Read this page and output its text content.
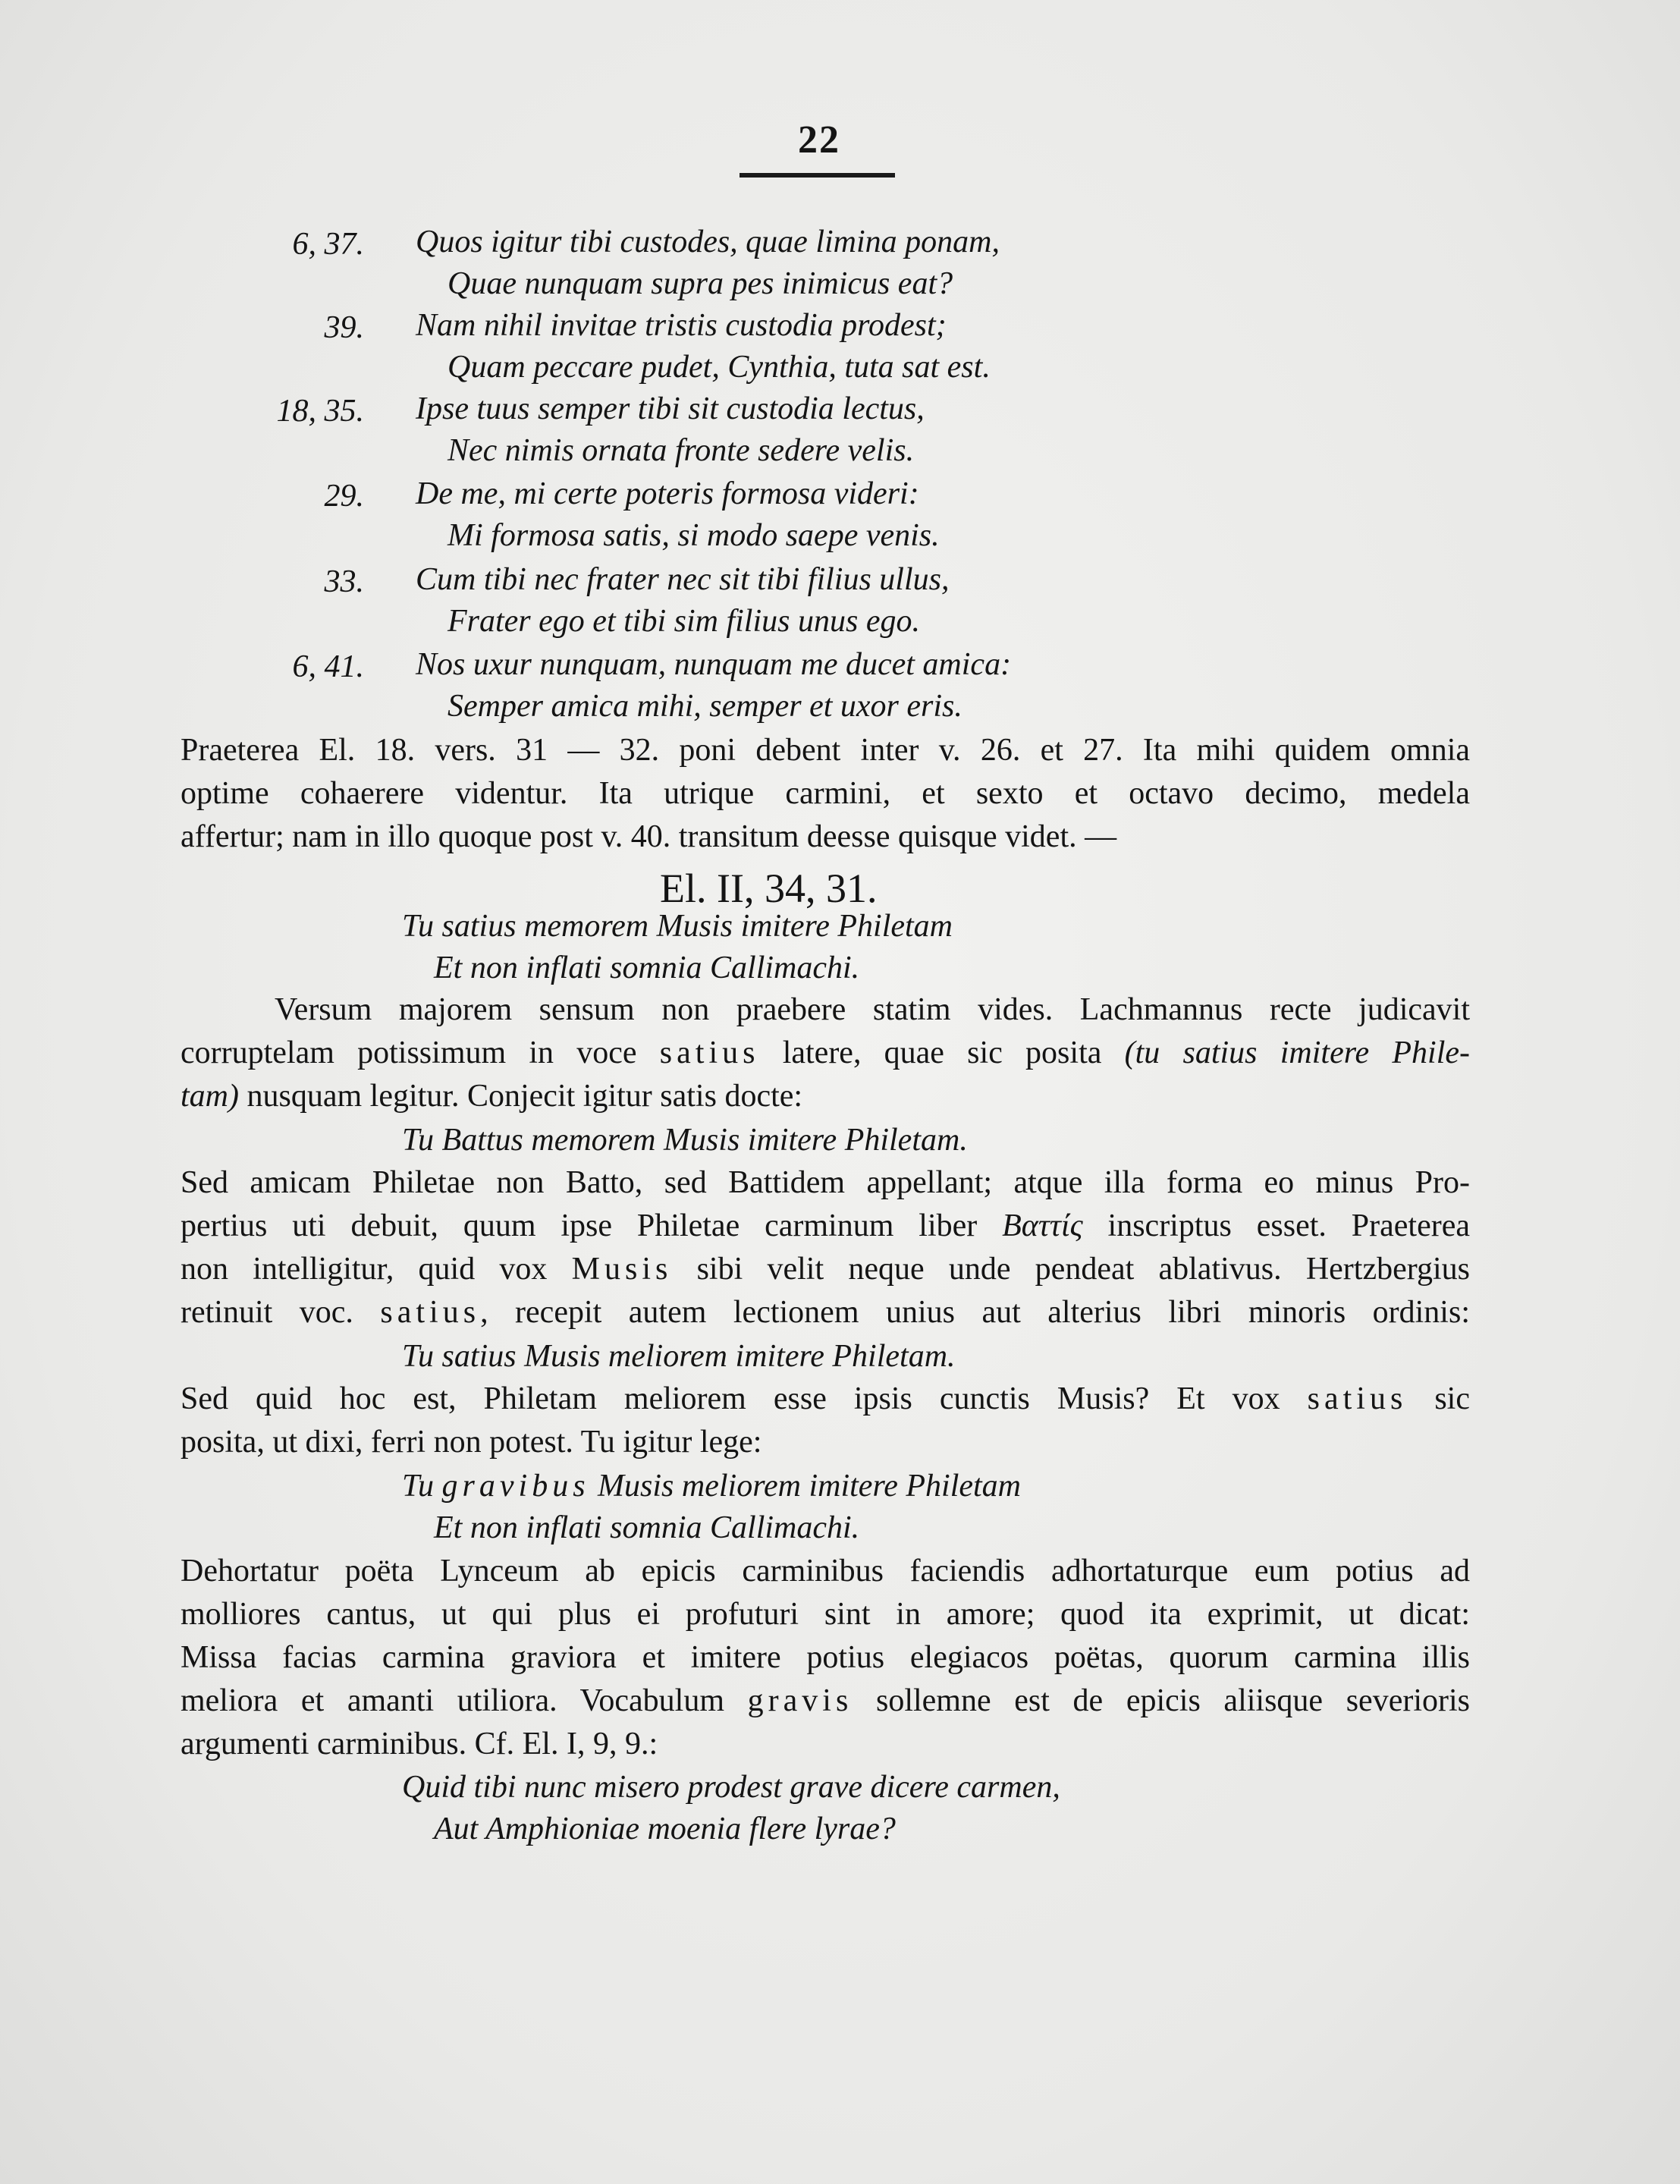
22
6, 37. Quos igitur tibi custodes, quae limina ponam,
Quae nunquam supra pes inimicus eat?
39. Nam nihil invitae tristis custodia prodest;
Quam peccare pudet, Cynthia, tuta sat est.
18, 35. Ipse tuus semper tibi sit custodia lectus,
Nec nimis ornata fronte sedere velis.
29. De me, mi certe poteris formosa videri:
Mi formosa satis, si modo saepe venis.
33. Cum tibi nec frater nec sit tibi filius ullus,
Frater ego et tibi sim filius unus ego.
6, 41. Nos uxur nunquam, nunquam me ducet amica:
Semper amica mihi, semper et uxor eris.
Praeterea El. 18. vers. 31 — 32. poni debent inter v. 26. et 27. Ita mihi quidem omnia
optime cohaerere videntur. Ita utrique carmini, et sexto et octavo decimo, medela
affertur; nam in illo quoque post v. 40. transitum deesse quisque videt. —
El. II, 34, 31.
Tu satius memorem Musis imitere Philetam
Et non inflati somnia Callimachi.
Versum majorem sensum non praebere statim vides. Lachmannus recte judicavit
corruptelam potissimum in voce satius latere, quae sic posita (tu satius imitere Phile-
tam) nusquam legitur. Conjecit igitur satis docte:
Tu Battus memorem Musis imitere Philetam.
Sed amicam Philetae non Batto, sed Battidem appellant; atque illa forma eo minus Pro-
pertius uti debuit, quum ipse Philetae carminum liber Βαττίς inscriptus esset. Praeterea
non intelligitur, quid vox Musis sibi velit neque unde pendeat ablativus. Hertzbergius
retinuit voc. satius, recepit autem lectionem unius aut alterius libri minoris ordinis:
Tu satius Musis meliorem imitere Philetam.
Sed quid hoc est, Philetam meliorem esse ipsis cunctis Musis? Et vox satius sic
posita, ut dixi, ferri non potest. Tu igitur lege:
Tu gravibus Musis meliorem imitere Philetam
Et non inflati somnia Callimachi.
Dehortatur poëta Lynceum ab epicis carminibus faciendis adhortaturque eum potius ad
molliores cantus, ut qui plus ei profuturi sint in amore; quod ita exprimit, ut dicat:
Missa facias carmina graviora et imitere potius elegiacos poëtas, quorum carmina illis
meliora et amanti utiliora. Vocabulum gravis sollemne est de epicis aliisque severioris
argumenti carminibus. Cf. El. I, 9, 9.:
Quid tibi nunc misero prodest grave dicere carmen,
Aut Amphioniae moenia flere lyrae?
